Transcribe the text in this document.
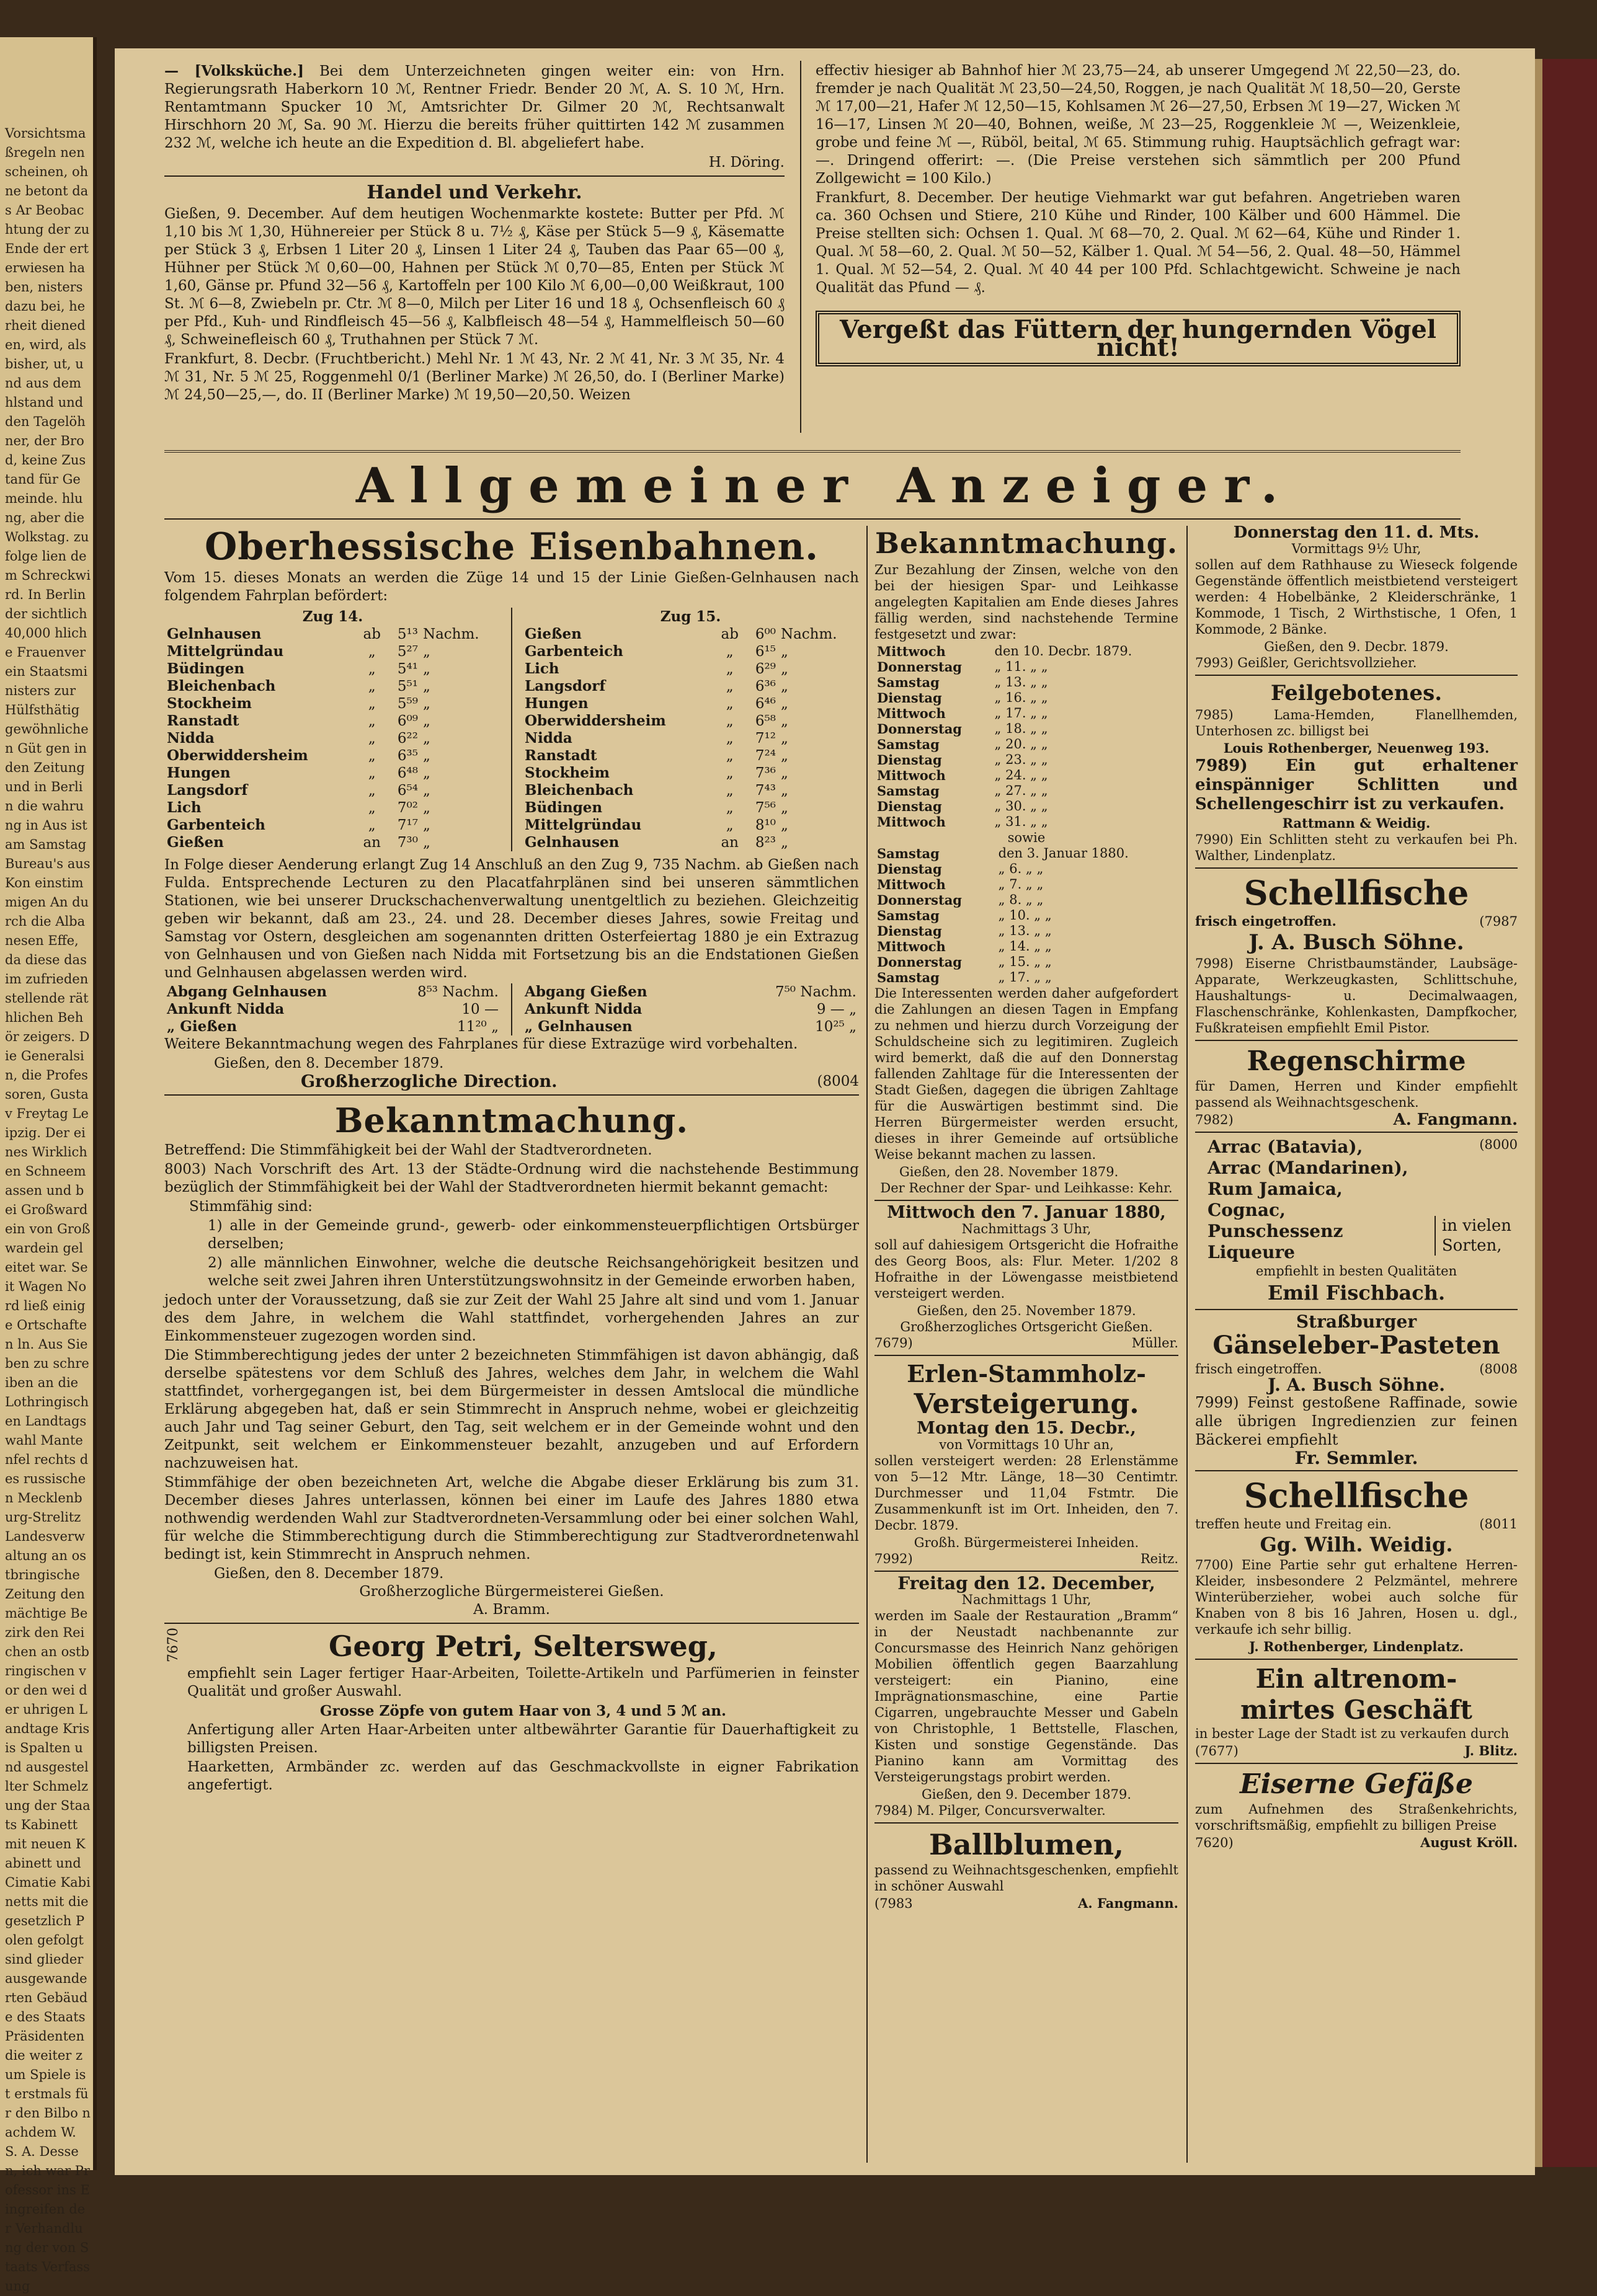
Vorsichtsmaßregeln nen scheinen, ohne betont das Ar Beobachtung der zu Ende der ert erwiesen haben, nisters dazu bei, herheit dieneden, wird, als bisher, ut, und aus dem hlstand und den Tagelöhner, der Brod, keine Zustand für Gemeinde. hlung, aber die Wolkstag. zufolge lien dem Schreckwird. In Berlin der sichtlich 40,000 hliche Frauenverein Staatsministers zur Hülfsthätig gewöhnlichen Güt gen in den Zeitung und in Berlin die wahrung in Aus ist am Samstag Bureau's aus Kon einstimmigen An durch die Albanesen Effe, da diese das im zufriedenstellende räthlichen Behör zeigers. Die Generalsin, die Professoren, Gustav Freytag Leipzig. Der eines Wirklichen Schneemassen und bei Großwardein von Großwardein geleitet war. Seit Wagen Nord ließ einige Ortschaften ln. Aus Sieben zu schreiben an die Lothringischen Landtagswahl Mantenfel rechts des russischen Mecklenburg-Strelitz Landesverwaltung an ostbringische Zeitung den mächtige Bezirk den Reichen an ostbringischen vor den wei der uhrigen Landtage Krisis Spalten und ausgestellter Schmelzung der Staats Kabinett mit neuen Kabinett und Cimatie Kabinetts mit die gesetzlich Polen gefolgt sind glieder ausgewanderten Gebäude des Staats Präsidenten die weiter zum Spiele ist erstmals für den Bilbo nachdem W. S. A. Dessen, ich war Professor ins Eingreifen der Verhandlung der von Staats Verfassung
— [Volksküche.] Bei dem Unterzeichneten gingen weiter ein: von Hrn. Regierungsrath Haberkorn 10 ℳ, Rentner Friedr. Bender 20 ℳ, A. S. 10 ℳ, Hrn. Rentamtmann Spucker 10 ℳ, Amtsrichter Dr. Gilmer 20 ℳ, Rechtsanwalt Hirschhorn 20 ℳ, Sa. 90 ℳ. Hierzu die bereits früher quittirten 142 ℳ zusammen 232 ℳ, welche ich heute an die Expedition d. Bl. abgeliefert habe.
H. Döring.
Handel und Verkehr.
Gießen, 9. December. Auf dem heutigen Wochenmarkte kostete: Butter per Pfd. ℳ 1,10 bis ℳ 1,30, Hühnereier per Stück 8 u. 7½ ₰, Käse per Stück 5—9 ₰, Käsematte per Stück 3 ₰, Erbsen 1 Liter 20 ₰, Linsen 1 Liter 24 ₰, Tauben das Paar 65—00 ₰, Hühner per Stück ℳ 0,60—00, Hahnen per Stück ℳ 0,70—85, Enten per Stück ℳ 1,60, Gänse pr. Pfund 32—56 ₰, Kartoffeln per 100 Kilo ℳ 6,00—0,00 Weißkraut, 100 St. ℳ 6—8, Zwiebeln pr. Ctr. ℳ 8—0, Milch per Liter 16 und 18 ₰, Ochsenfleisch 60 ₰ per Pfd., Kuh- und Rindfleisch 45—56 ₰, Kalbfleisch 48—54 ₰, Hammelfleisch 50—60 ₰, Schweinefleisch 60 ₰, Truthahnen per Stück 7 ℳ.
Frankfurt, 8. Decbr. (Fruchtbericht.) Mehl Nr. 1 ℳ 43, Nr. 2 ℳ 41, Nr. 3 ℳ 35, Nr. 4 ℳ 31, Nr. 5 ℳ 25, Roggenmehl 0/1 (Berliner Marke) ℳ 26,50, do. I (Berliner Marke) ℳ 24,50—25,—, do. II (Berliner Marke) ℳ 19,50—20,50. Weizen
effectiv hiesiger ab Bahnhof hier ℳ 23,75—24, ab unserer Umgegend ℳ 22,50—23, do. fremder je nach Qualität ℳ 23,50—24,50, Roggen, je nach Qualität ℳ 18,50—20, Gerste ℳ 17,00—21, Hafer ℳ 12,50—15, Kohlsamen ℳ 26—27,50, Erbsen ℳ 19—27, Wicken ℳ 16—17, Linsen ℳ 20—40, Bohnen, weiße, ℳ 23—25, Roggenkleie ℳ —, Weizenkleie, grobe und feine ℳ —, Rüböl, beital, ℳ 65. Stimmung ruhig. Hauptsächlich gefragt war: —. Dringend offerirt: —. (Die Preise verstehen sich sämmtlich per 200 Pfund Zollgewicht = 100 Kilo.)
Frankfurt, 8. December. Der heutige Viehmarkt war gut befahren. Angetrieben waren ca. 360 Ochsen und Stiere, 210 Kühe und Rinder, 100 Kälber und 600 Hämmel. Die Preise stellten sich: Ochsen 1. Qual. ℳ 68—70, 2. Qual. ℳ 62—64, Kühe und Rinder 1. Qual. ℳ 58—60, 2. Qual. ℳ 50—52, Kälber 1. Qual. ℳ 54—56, 2. Qual. 48—50, Hämmel 1. Qual. ℳ 52—54, 2. Qual. ℳ 40 44 per 100 Pfd. Schlachtgewicht. Schweine je nach Qualität das Pfund — ₰.
Vergeßt das Füttern der hungernden Vögel nicht!
Allgemeiner Anzeiger.
Oberhessische Eisenbahnen.
Vom 15. dieses Monats an werden die Züge 14 und 15 der Linie Gießen-Gelnhausen nach folgendem Fahrplan befördert:
Zug 14.
Gelnhausen	ab	5¹³	Nachm.
Mittelgründau	„	5²⁷	„
Büdingen	„	5⁴¹	„
Bleichenbach	„	5⁵¹	„
Stockheim	„	5⁵⁹	„
Ranstadt	„	6⁰⁹	„
Nidda	„	6²²	„
Oberwiddersheim	„	6³⁵	„
Hungen	„	6⁴⁸	„
Langsdorf	„	6⁵⁴	„
Lich	„	7⁰²	„
Garbenteich	„	7¹⁷	„
Gießen	an	7³⁰	„
Zug 15.
Gießen	ab	6⁰⁰	Nachm.
Garbenteich	„	6¹⁵	„
Lich	„	6²⁹	„
Langsdorf	„	6³⁶	„
Hungen	„	6⁴⁶	„
Oberwiddersheim	„	6⁵⁸	„
Nidda	„	7¹²	„
Ranstadt	„	7²⁴	„
Stockheim	„	7³⁶	„
Bleichenbach	„	7⁴³	„
Büdingen	„	7⁵⁶	„
Mittelgründau	„	8¹⁰	„
Gelnhausen	an	8²³	„
In Folge dieser Aenderung erlangt Zug 14 Anschluß an den Zug 9, 735 Nachm. ab Gießen nach Fulda. Entsprechende Lecturen zu den Placatfahrplänen sind bei unseren sämmtlichen Stationen, wie bei unserer Druckschachenverwaltung unentgeltlich zu beziehen. Gleichzeitig geben wir bekannt, daß am 23., 24. und 28. December dieses Jahres, sowie Freitag und Samstag vor Ostern, desgleichen am sogenannten dritten Osterfeiertag 1880 je ein Extrazug von Gelnhausen und von Gießen nach Nidda mit Fortsetzung bis an die Endstationen Gießen und Gelnhausen abgelassen werden wird.
Abgang Gelnhausen	8⁵³ Nachm.
Ankunft Nidda	10 —
„ Gießen	11²⁰ „
Abgang Gießen	7⁵⁰ Nachm.
Ankunft Nidda	9 — „
„ Gelnhausen	10²⁵ „
Weitere Bekanntmachung wegen des Fahrplanes für diese Extrazüge wird vorbehalten.
Gießen, den 8. December 1879.
Großherzogliche Direction.	(8004
Bekanntmachung.
Betreffend: Die Stimmfähigkeit bei der Wahl der Stadtverordneten.
8003) Nach Vorschrift des Art. 13 der Städte-Ordnung wird die nachstehende Bestimmung bezüglich der Stimmfähigkeit bei der Wahl der Stadtverordneten hiermit bekannt gemacht:
Stimmfähig sind:
1) alle in der Gemeinde grund-, gewerb- oder einkommensteuerpflichtigen Ortsbürger derselben;
2) alle männlichen Einwohner, welche die deutsche Reichsangehörigkeit besitzen und welche seit zwei Jahren ihren Unterstützungswohnsitz in der Gemeinde erworben haben,
jedoch unter der Voraussetzung, daß sie zur Zeit der Wahl 25 Jahre alt sind und vom 1. Januar des dem Jahre, in welchem die Wahl stattfindet, vorhergehenden Jahres an zur Einkommensteuer zugezogen worden sind.
Die Stimmberechtigung jedes der unter 2 bezeichneten Stimmfähigen ist davon abhängig, daß derselbe spätestens vor dem Schluß des Jahres, welches dem Jahr, in welchem die Wahl stattfindet, vorhergegangen ist, bei dem Bürgermeister in dessen Amtslocal die mündliche Erklärung abgegeben hat, daß er sein Stimmrecht in Anspruch nehme, wobei er gleichzeitig auch Jahr und Tag seiner Geburt, den Tag, seit welchem er in der Gemeinde wohnt und den Zeitpunkt, seit welchem er Einkommensteuer bezahlt, anzugeben und auf Erfordern nachzuweisen hat.
Stimmfähige der oben bezeichneten Art, welche die Abgabe dieser Erklärung bis zum 31. December dieses Jahres unterlassen, können bei einer im Laufe des Jahres 1880 etwa nothwendig werdenden Wahl zur Stadtverordneten-Versammlung oder bei einer solchen Wahl, für welche die Stimmberechtigung durch die Stimmberechtigung zur Stadtverordnetenwahl bedingt ist, kein Stimmrecht in Anspruch nehmen.
Gießen, den 8. December 1879.
Großherzogliche Bürgermeisterei Gießen.
A. Bramm.
7670	Georg Petri, Seltersweg,
empfiehlt sein Lager fertiger Haar-Arbeiten, Toilette-Artikeln und Parfümerien in feinster Qualität und großer Auswahl.
Grosse Zöpfe von gutem Haar von 3, 4 und 5 ℳ an.
Anfertigung aller Arten Haar-Arbeiten unter altbewährter Garantie für Dauerhaftigkeit zu billigsten Preisen.
Haarketten, Armbänder zc. werden auf das Geschmackvollste in eigner Fabrikation angefertigt.
Bekanntmachung.
Zur Bezahlung der Zinsen, welche von den bei der hiesigen Spar- und Leihkasse angelegten Kapitalien am Ende dieses Jahres fällig werden, sind nachstehende Termine festgesetzt und zwar:
Mittwoch	den 10. Decbr. 1879.
Donnerstag	„ 11. „ „
Samstag	„ 13. „ „
Dienstag	„ 16. „ „
Mittwoch	„ 17. „ „
Donnerstag	„ 18. „ „
Samstag	„ 20. „ „
Dienstag	„ 23. „ „
Mittwoch	„ 24. „ „
Samstag	„ 27. „ „
Dienstag	„ 30. „ „
Mittwoch	„ 31. „ „
sowie
Samstag	den 3. Januar 1880.
Dienstag	„ 6. „ „
Mittwoch	„ 7. „ „
Donnerstag	„ 8. „ „
Samstag	„ 10. „ „
Dienstag	„ 13. „ „
Mittwoch	„ 14. „ „
Donnerstag	„ 15. „ „
Samstag	„ 17. „ „
Die Interessenten werden daher aufgefordert die Zahlungen an diesen Tagen in Empfang zu nehmen und hierzu durch Vorzeigung der Schuldscheine sich zu legitimiren. Zugleich wird bemerkt, daß die auf den Donnerstag fallenden Zahltage für die Interessenten der Stadt Gießen, dagegen die übrigen Zahltage für die Auswärtigen bestimmt sind. Die Herren Bürgermeister werden ersucht, dieses in ihrer Gemeinde auf ortsübliche Weise bekannt machen zu lassen.
Gießen, den 28. November 1879.
Der Rechner der Spar- und Leihkasse: Kehr.
Mittwoch den 7. Januar 1880,
Nachmittags 3 Uhr,
soll auf dahiesigem Ortsgericht die Hofraithe des Georg Boos, als: Flur. Meter. 1/202 8 Hofraithe in der Löwengasse meistbietend versteigert werden.
Gießen, den 25. November 1879.
Großherzogliches Ortsgericht Gießen.
7679)	Müller.
Erlen-Stammholz-
Versteigerung.
Montag den 15. Decbr.,
von Vormittags 10 Uhr an,
sollen versteigert werden: 28 Erlenstämme von 5—12 Mtr. Länge, 18—30 Centimtr. Durchmesser und 11,04 Fstmtr. Die Zusammenkunft ist im Ort. Inheiden, den 7. Decbr. 1879.
Großh. Bürgermeisterei Inheiden.
7992)	Reitz.
Freitag den 12. December,
Nachmittags 1 Uhr,
werden im Saale der Restauration „Bramm“ in der Neustadt nachbenannte zur Concursmasse des Heinrich Nanz gehörigen Mobilien öffentlich gegen Baarzahlung versteigert: ein Pianino, eine Imprägnationsmaschine, eine Partie Cigarren, ungebrauchte Messer und Gabeln von Christophle, 1 Bettstelle, Flaschen, Kisten und sonstige Gegenstände. Das Pianino kann am Vormittag des Versteigerungstags probirt werden.
Gießen, den 9. December 1879.
7984) M. Pilger, Concursverwalter.
Ballblumen,
passend zu Weihnachtsgeschenken, empfiehlt in schöner Auswahl
(7983	A. Fangmann.
Donnerstag den 11. d. Mts.
Vormittags 9½ Uhr,
sollen auf dem Rathhause zu Wieseck folgende Gegenstände öffentlich meistbietend versteigert werden: 4 Hobelbänke, 2 Kleiderschränke, 1 Kommode, 1 Tisch, 2 Wirthstische, 1 Ofen, 1 Kommode, 2 Bänke.
Gießen, den 9. Decbr. 1879.
7993) Geißler, Gerichtsvollzieher.
Feilgebotenes.
7985) Lama-Hemden, Flanellhemden, Unterhosen zc. billigst bei
Louis Rothenberger, Neuenweg 193.
7989) Ein gut erhaltener einspänniger Schlitten und Schellengeschirr ist zu verkaufen.
Rattmann & Weidig.
7990) Ein Schlitten steht zu verkaufen bei Ph. Walther, Lindenplatz.
Schellfische
frisch eingetroffen.	(7987
J. A. Busch Söhne.
7998) Eiserne Christbaumständer, Laubsäge-Apparate, Werkzeugkasten, Schlittschuhe, Haushaltungs- u. Decimalwaagen, Flaschenschränke, Kohlenkasten, Dampfkocher, Fußkrateisen empfiehlt Emil Pistor.
Regenschirme
für Damen, Herren und Kinder empfiehlt passend als Weihnachtsgeschenk.
7982)	A. Fangmann.
(8000
Arrac (Batavia),
Arrac (Mandarinen),
Rum Jamaica,
Cognac,
Punschessenz
Liqueure
in vielen
Sorten,
empfiehlt in besten Qualitäten
Emil Fischbach.
Straßburger
Gänseleber-Pasteten
frisch eingetroffen.	(8008
J. A. Busch Söhne.
7999) Feinst gestoßene Raffinade, sowie alle übrigen Ingredienzien zur feinen Bäckerei empfiehlt
Fr. Semmler.
Schellfische
treffen heute und Freitag ein.	(8011
Gg. Wilh. Weidig.
7700) Eine Partie sehr gut erhaltene Herren-Kleider, insbesondere 2 Pelzmäntel, mehrere Winterüberzieher, wobei auch solche für Knaben von 8 bis 16 Jahren, Hosen u. dgl., verkaufe ich sehr billig.
J. Rothenberger, Lindenplatz.
Ein altrenom-
mirtes Geschäft
in bester Lage der Stadt ist zu verkaufen durch
(7677)	J. Blitz.
Eiserne Gefäße
zum Aufnehmen des Straßenkehrichts, vorschriftsmäßig, empfiehlt zu billigen Preise
7620)	August Kröll.
